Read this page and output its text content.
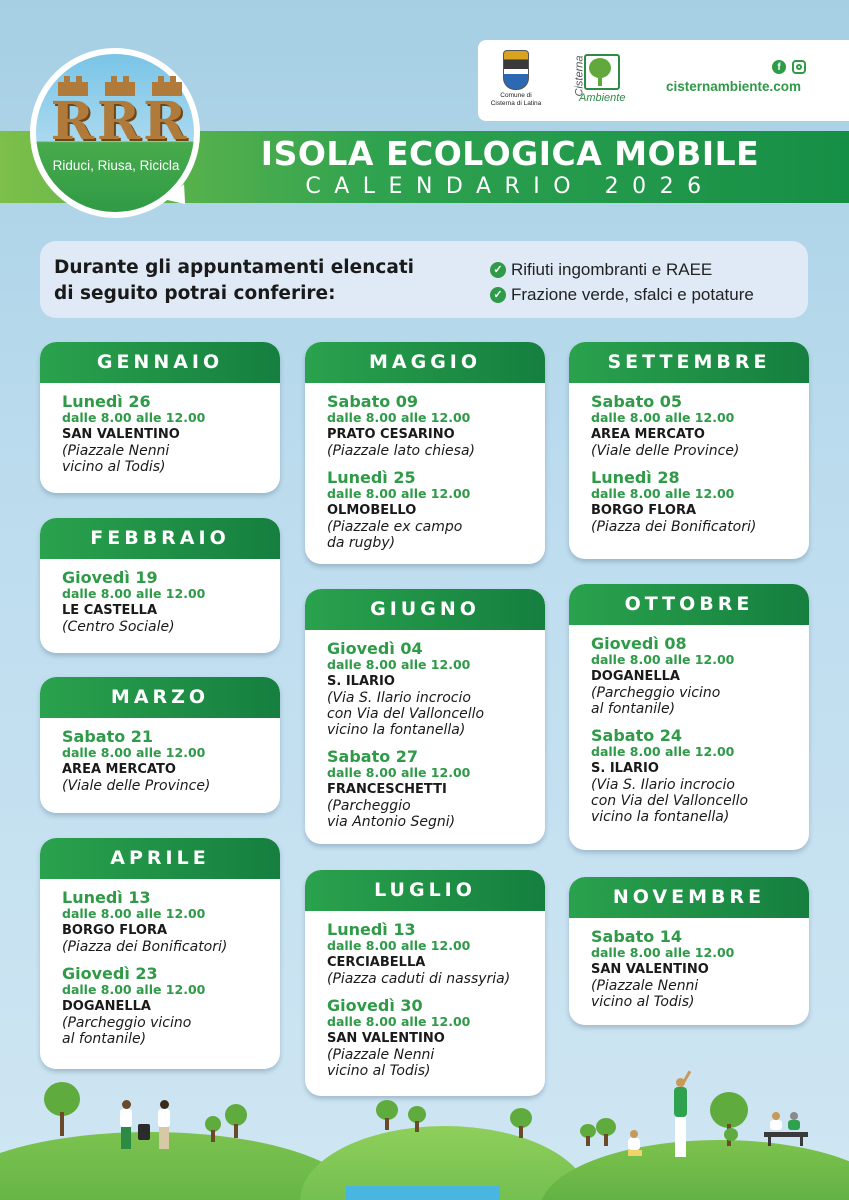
RRR
Riduci, Riusa, Ricicla
Comune di
Cisterna di Latina
Cisterna
Ambiente
f
cisternambiente.com
ISOLA ECOLOGICA MOBILE
CALENDARIO 2026
Durante gli appuntamenti elencati
di seguito potrai conferire:
✓ Rifiuti ingombranti e RAEE
✓ Frazione verde, sfalci e potature
GENNAIO
Lunedì 26
dalle 8.00 alle 12.00
SAN VALENTINO
(Piazzale Nenni
vicino al Todis)
FEBBRAIO
Giovedì 19
dalle 8.00 alle 12.00
LE CASTELLA
(Centro Sociale)
MARZO
Sabato 21
dalle 8.00 alle 12.00
AREA MERCATO
(Viale delle Province)
APRILE
Lunedì 13
dalle 8.00 alle 12.00
BORGO FLORA
(Piazza dei Bonificatori)
Giovedì 23
dalle 8.00 alle 12.00
DOGANELLA
(Parcheggio vicino
al fontanile)
MAGGIO
Sabato 09
dalle 8.00 alle 12.00
PRATO CESARINO
(Piazzale lato chiesa)
Lunedì 25
dalle 8.00 alle 12.00
OLMOBELLO
(Piazzale ex campo
da rugby)
GIUGNO
Giovedì 04
dalle 8.00 alle 12.00
S. ILARIO
(Via S. Ilario incrocio
con Via del Valloncello
vicino la fontanella)
Sabato 27
dalle 8.00 alle 12.00
FRANCESCHETTI
(Parcheggio
via Antonio Segni)
LUGLIO
Lunedì 13
dalle 8.00 alle 12.00
CERCIABELLA
(Piazza caduti di nassyria)
Giovedì 30
dalle 8.00 alle 12.00
SAN VALENTINO
(Piazzale Nenni
vicino al Todis)
SETTEMBRE
Sabato 05
dalle 8.00 alle 12.00
AREA MERCATO
(Viale delle Province)
Lunedì 28
dalle 8.00 alle 12.00
BORGO FLORA
(Piazza dei Bonificatori)
OTTOBRE
Giovedì 08
dalle 8.00 alle 12.00
DOGANELLA
(Parcheggio vicino
al fontanile)
Sabato 24
dalle 8.00 alle 12.00
S. ILARIO
(Via S. Ilario incrocio
con Via del Valloncello
vicino la fontanella)
NOVEMBRE
Sabato 14
dalle 8.00 alle 12.00
SAN VALENTINO
(Piazzale Nenni
vicino al Todis)
